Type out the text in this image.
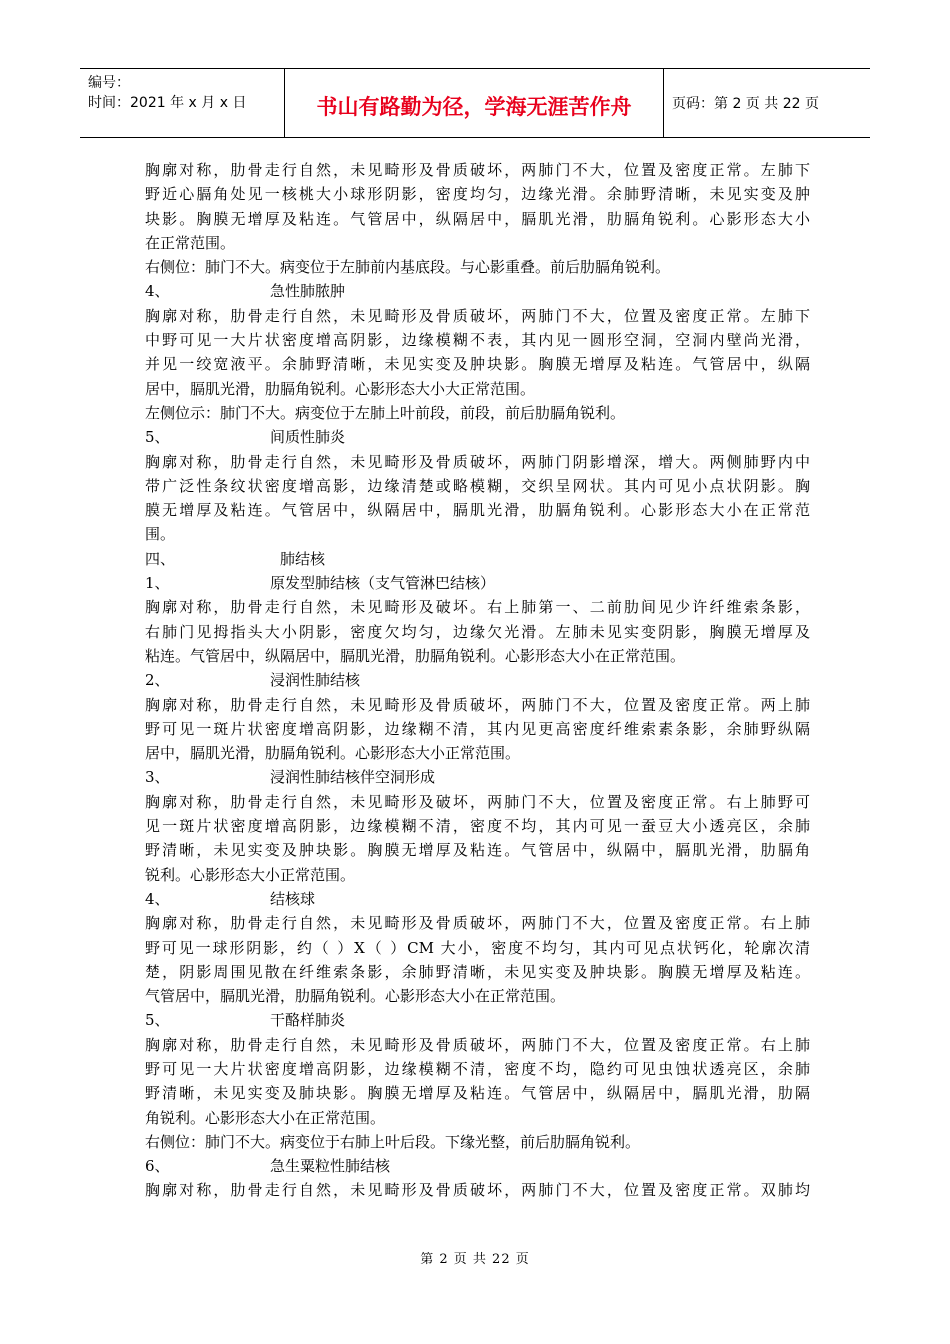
编号：
时间：2021 年 x 月 x 日	书山有路勤为径，学海无涯苦作舟	页码：第 2 页 共 22 页
胸廓对称，肋骨走行自然，未见畸形及骨质破坏，两肺门不大，位置及密度正常。左肺下
野近心膈角处见一核桃大小球形阴影，密度均匀，边缘光滑。余肺野清晰，未见实变及肿
块影。胸膜无增厚及粘连。气管居中，纵隔居中，膈肌光滑，肋膈角锐利。心影形态大小
在正常范围。
右侧位：肺门不大。病变位于左肺前内基底段。与心影重叠。前后肋膈角锐利。
4、	急性肺脓肿
胸廓对称，肋骨走行自然，未见畸形及骨质破坏，两肺门不大，位置及密度正常。左肺下
中野可见一大片状密度增高阴影，边缘模糊不表，其内见一圆形空洞，空洞内壁尚光滑，
并见一绞宽液平。余肺野清晰，未见实变及肿块影。胸膜无增厚及粘连。气管居中，纵隔
居中，膈肌光滑，肋膈角锐利。心影形态大小大正常范围。
左侧位示：肺门不大。病变位于左肺上叶前段，前段，前后肋膈角锐利。
5、	间质性肺炎
胸廓对称，肋骨走行自然，未见畸形及骨质破坏，两肺门阴影增深，增大。两侧肺野内中
带广泛性条纹状密度增高影，边缘清楚或略模糊，交织呈网状。其内可见小点状阴影。胸
膜无增厚及粘连。气管居中，纵隔居中，膈肌光滑，肋膈角锐利。心影形态大小在正常范
围。
四、	肺结核
1、	原发型肺结核（支气管淋巴结核）
胸廓对称，肋骨走行自然，未见畸形及破坏。右上肺第一、二前肋间见少许纤维索条影，
右肺门见拇指头大小阴影，密度欠均匀，边缘欠光滑。左肺未见实变阴影，胸膜无增厚及
粘连。气管居中，纵隔居中，膈肌光滑，肋膈角锐利。心影形态大小在正常范围。
2、	浸润性肺结核
胸廓对称，肋骨走行自然，未见畸形及骨质破坏，两肺门不大，位置及密度正常。两上肺
野可见一斑片状密度增高阴影，边缘糊不清，其内见更高密度纤维索素条影，余肺野纵隔
居中，膈肌光滑，肋膈角锐利。心影形态大小正常范围。
3、	浸润性肺结核伴空洞形成
胸廓对称，肋骨走行自然，未见畸形及破坏，两肺门不大，位置及密度正常。右上肺野可
见一斑片状密度增高阴影，边缘模糊不清，密度不均，其内可见一蚕豆大小透亮区，余肺
野清晰，未见实变及肿块影。胸膜无增厚及粘连。气管居中，纵隔中，膈肌光滑，肋膈角
锐利。心影形态大小正常范围。
4、	结核球
胸廓对称，肋骨走行自然，未见畸形及骨质破坏，两肺门不大，位置及密度正常。右上肺
野可见一球形阴影，约（ ）X（ ）CM 大小，密度不均匀，其内可见点状钙化，轮廓次清
楚，阴影周围见散在纤维索条影，余肺野清晰，未见实变及肿块影。胸膜无增厚及粘连。
气管居中，膈肌光滑，肋膈角锐利。心影形态大小在正常范围。
5、	干酪样肺炎
胸廓对称，肋骨走行自然，未见畸形及骨质破坏，两肺门不大，位置及密度正常。右上肺
野可见一大片状密度增高阴影，边缘模糊不清，密度不均，隐约可见虫蚀状透亮区，余肺
野清晰，未见实变及肺块影。胸膜无增厚及粘连。气管居中，纵隔居中，膈肌光滑，肋隔
角锐利。心影形态大小在正常范围。
右侧位：肺门不大。病变位于右肺上叶后段。下缘光整，前后肋膈角锐利。
6、	急生粟粒性肺结核
胸廓对称，肋骨走行自然，未见畸形及骨质破坏，两肺门不大，位置及密度正常。双肺均
第 2 页 共 22 页
